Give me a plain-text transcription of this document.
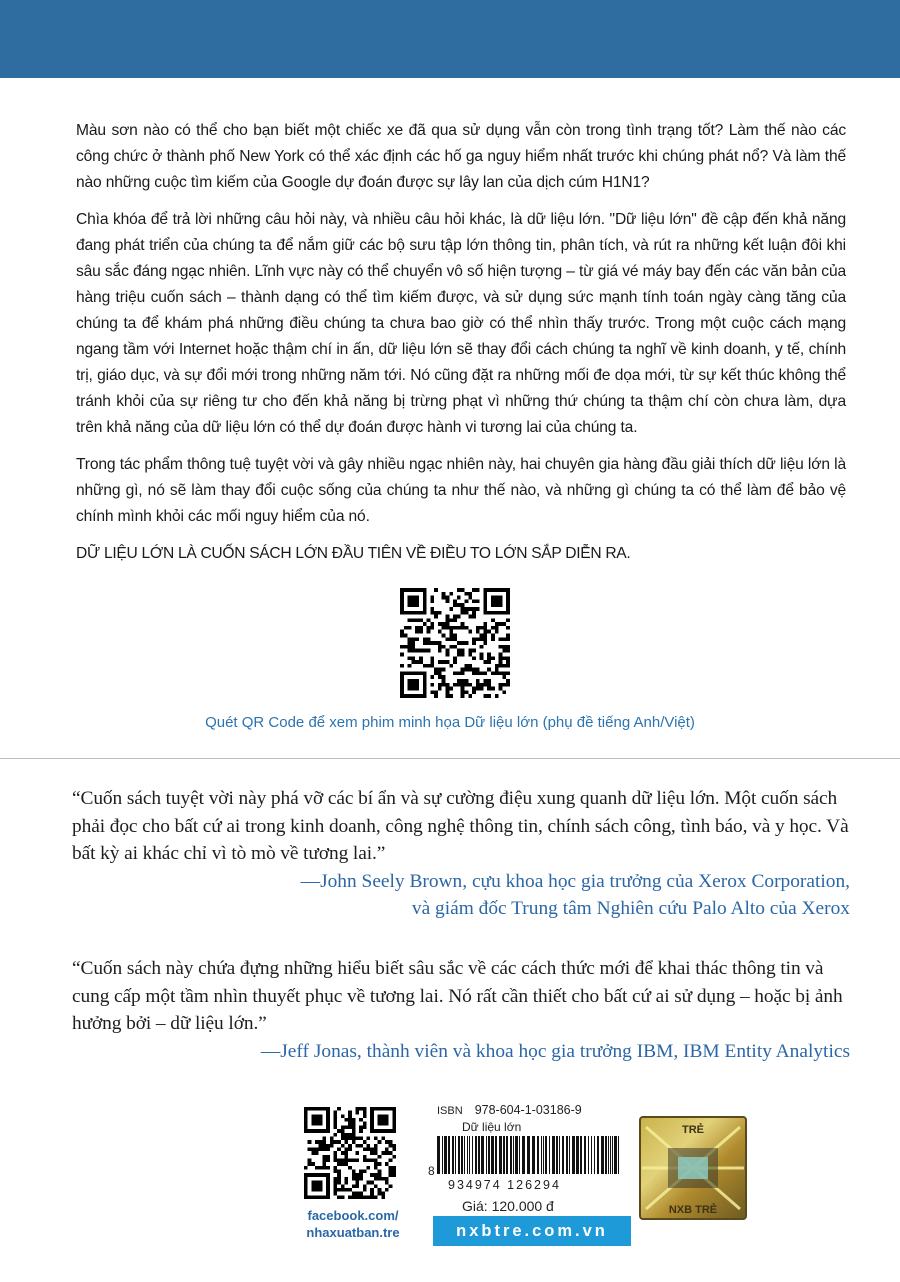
Màu sơn nào có thể cho bạn biết một chiếc xe đã qua sử dụng vẫn còn trong tình trạng tốt? Làm thế nào các công chức ở thành phố New York có thể xác định các hố ga nguy hiểm nhất trước khi chúng phát nổ? Và làm thế nào những cuộc tìm kiếm của Google dự đoán được sự lây lan của dịch cúm H1N1?

Chìa khóa để trả lời những câu hỏi này, và nhiều câu hỏi khác, là dữ liệu lớn. "Dữ liệu lớn" đề cập đến khả năng đang phát triển của chúng ta để nắm giữ các bộ sưu tập lớn thông tin, phân tích, và rút ra những kết luận đôi khi sâu sắc đáng ngạc nhiên. Lĩnh vực này có thể chuyển vô số hiện tượng – từ giá vé máy bay đến các văn bản của hàng triệu cuốn sách – thành dạng có thể tìm kiếm được, và sử dụng sức mạnh tính toán ngày càng tăng của chúng ta để khám phá những điều chúng ta chưa bao giờ có thể nhìn thấy trước. Trong một cuộc cách mạng ngang tầm với Internet hoặc thậm chí in ấn, dữ liệu lớn sẽ thay đổi cách chúng ta nghĩ về kinh doanh, y tế, chính trị, giáo dục, và sự đổi mới trong những năm tới. Nó cũng đặt ra những mối đe dọa mới, từ sự kết thúc không thể tránh khỏi của sự riêng tư cho đến khả năng bị trừng phạt vì những thứ chúng ta thậm chí còn chưa làm, dựa trên khả năng của dữ liệu lớn có thể dự đoán được hành vi tương lai của chúng ta.

Trong tác phẩm thông tuệ tuyệt vời và gây nhiều ngạc nhiên này, hai chuyên gia hàng đầu giải thích dữ liệu lớn là những gì, nó sẽ làm thay đổi cuộc sống của chúng ta như thế nào, và những gì chúng ta có thể làm để bảo vệ chính mình khỏi các mối nguy hiểm của nó.

DỮ LIỆU LỚN LÀ CUỐN SÁCH LỚN ĐẦU TIÊN VỀ ĐIỀU TO LỚN SẮP DIỄN RA.

Quét QR Code để xem phim minh họa Dữ liệu lớn (phụ đề tiếng Anh/Việt)

“Cuốn sách tuyệt vời này phá vỡ các bí ẩn và sự cường điệu xung quanh dữ liệu lớn. Một cuốn sách phải đọc cho bất cứ ai trong kinh doanh, công nghệ thông tin, chính sách công, tình báo, và y học. Và bất kỳ ai khác chỉ vì tò mò về tương lai.”

—John Seely Brown, cựu khoa học gia trưởng của Xerox Corporation,

và giám đốc Trung tâm Nghiên cứu Palo Alto của Xerox

“Cuốn sách này chứa đựng những hiểu biết sâu sắc về các cách thức mới để khai thác thông tin và cung cấp một tầm nhìn thuyết phục về tương lai. Nó rất cần thiết cho bất cứ ai sử dụng – hoặc bị ảnh hưởng bởi – dữ liệu lớn.”

—Jeff Jonas, thành viên và khoa học gia trưởng IBM, IBM Entity Analytics

facebook.com/
nhaxuatban.tre
ISBN 978-604-1-03186-9
Dữ liệu lớn
8
934974 126294
Giá: 120.000 đ
nxbtre.com.vn
TRẺ
NXB TRẺ
